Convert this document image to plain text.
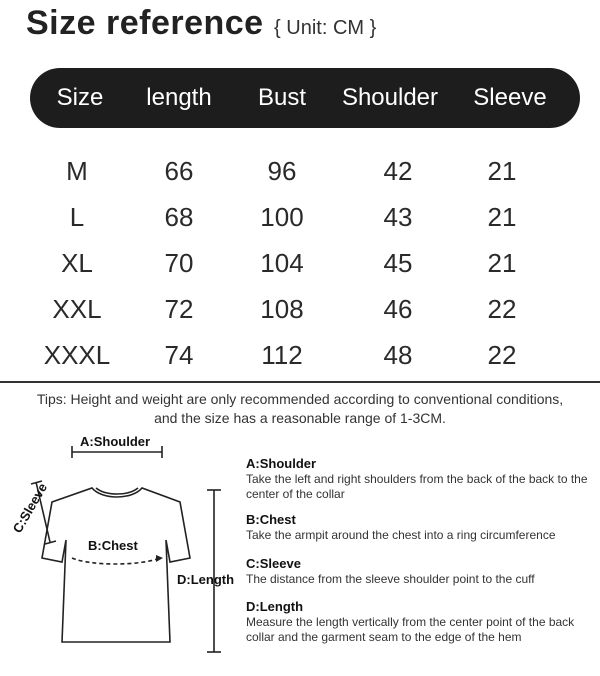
Size reference { Unit: CM }
Size	length	Bust	Shoulder	Sleeve
M	66	96	42	21
L	68	100	43	21
XL	70	104	45	21
XXL	72	108	46	22
XXXL	74	112	48	22
Tips: Height and weight are only recommended according to conventional conditions, and the size has a reasonable range of 1-3CM.
A:Shoulder
C:Sleeve
B:Chest
D:Length
A:Shoulder
Take the left and right shoulders from the back of the back to the center of the collar
B:Chest
Take the armpit around the chest into a ring circumference
C:Sleeve
The distance from the sleeve shoulder point to the cuff
D:Length
Measure the length vertically from the center point of the back collar and the garment seam to the edge of the hem
